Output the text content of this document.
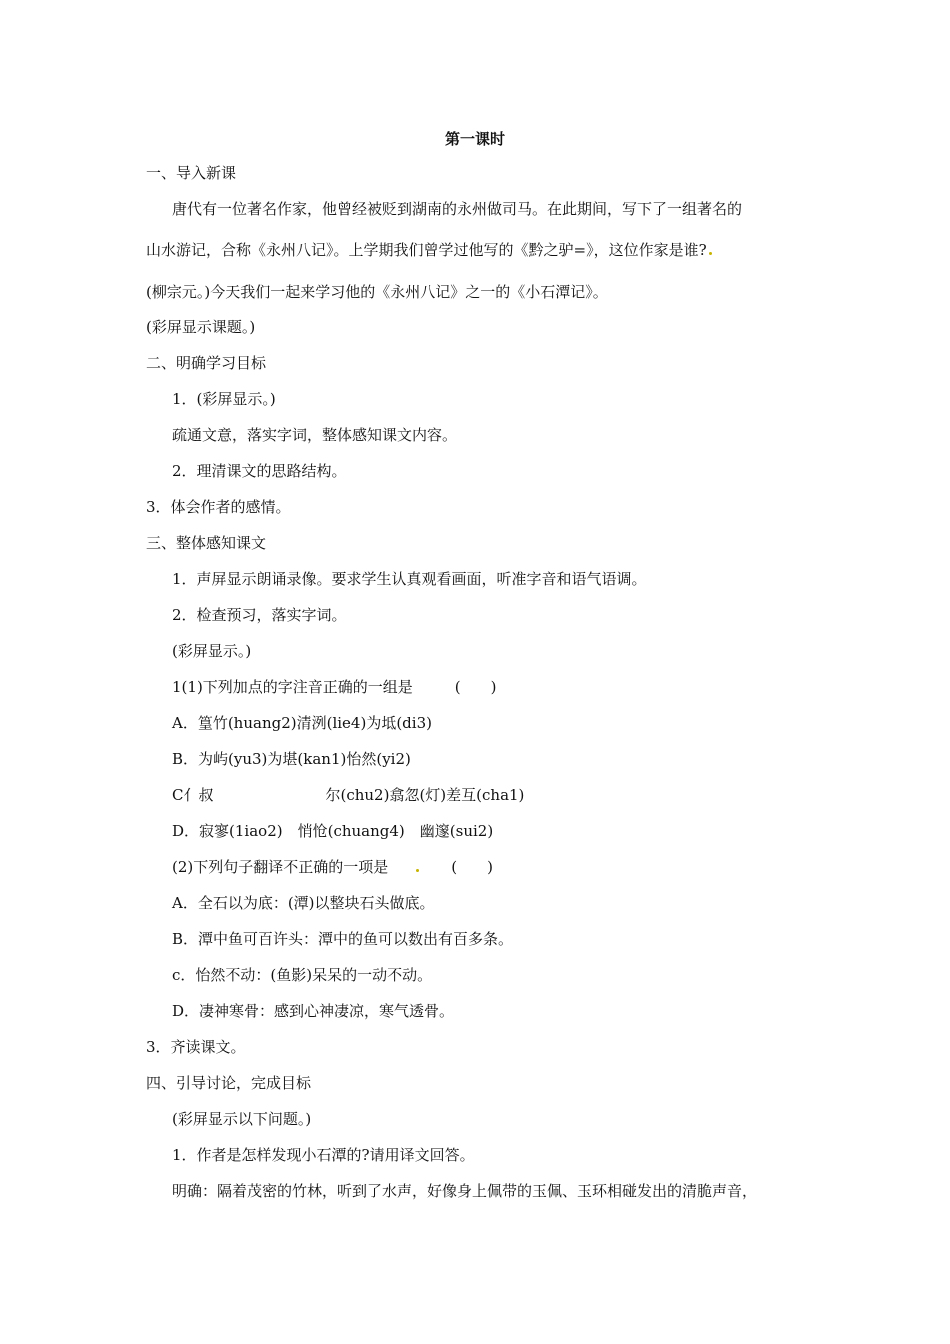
第一课时
一、导入新课
唐代有一位著名作家，他曾经被贬到湖南的永州做司马。在此期间，写下了一组著名的
山水游记，合称《永州八记》。上学期我们曾学过他写的《黔之驴=》，这位作家是谁?
(柳宗元。)今天我们一起来学习他的《永州八记》之一的《小石潭记》。
(彩屏显示课题。)
二、明确学习目标
1．(彩屏显示。)
疏通文意，落实字词，整体感知课文内容。
2．理清课文的思路结构。
3．体会作者的感情。
三、整体感知课文
1．声屏显示朗诵录像。要求学生认真观看画面，听准字音和语气语调。
2．检查预习，落实字词。
(彩屏显示。)
1(1)下列加点的字注音正确的一组是	(　　)
A．篁竹(huang2)清洌(lie4)为坻(di3)
B．为屿(yu3)为堪(kan1)怡然(yi2)
C亻叔	尔(chu2)翕忽(灯)差互(cha1)
D．寂寥(1iao2)　悄怆(chuang4)　幽邃(sui2)
(2)下列句子翻译不正确的一项是	(　　)
A．全石以为底：(潭)以整块石头做底。
B．潭中鱼可百许头：潭中的鱼可以数出有百多条。
c．怡然不动：(鱼影)呆呆的一动不动。
D．凄神寒骨：感到心神凄凉，寒气透骨。
3．齐读课文。
四、引导讨论，完成目标
(彩屏显示以下问题。)
1．作者是怎样发现小石潭的?请用译文回答。
明确：隔着茂密的竹林，听到了水声，好像身上佩带的玉佩、玉环相碰发出的清脆声音，
